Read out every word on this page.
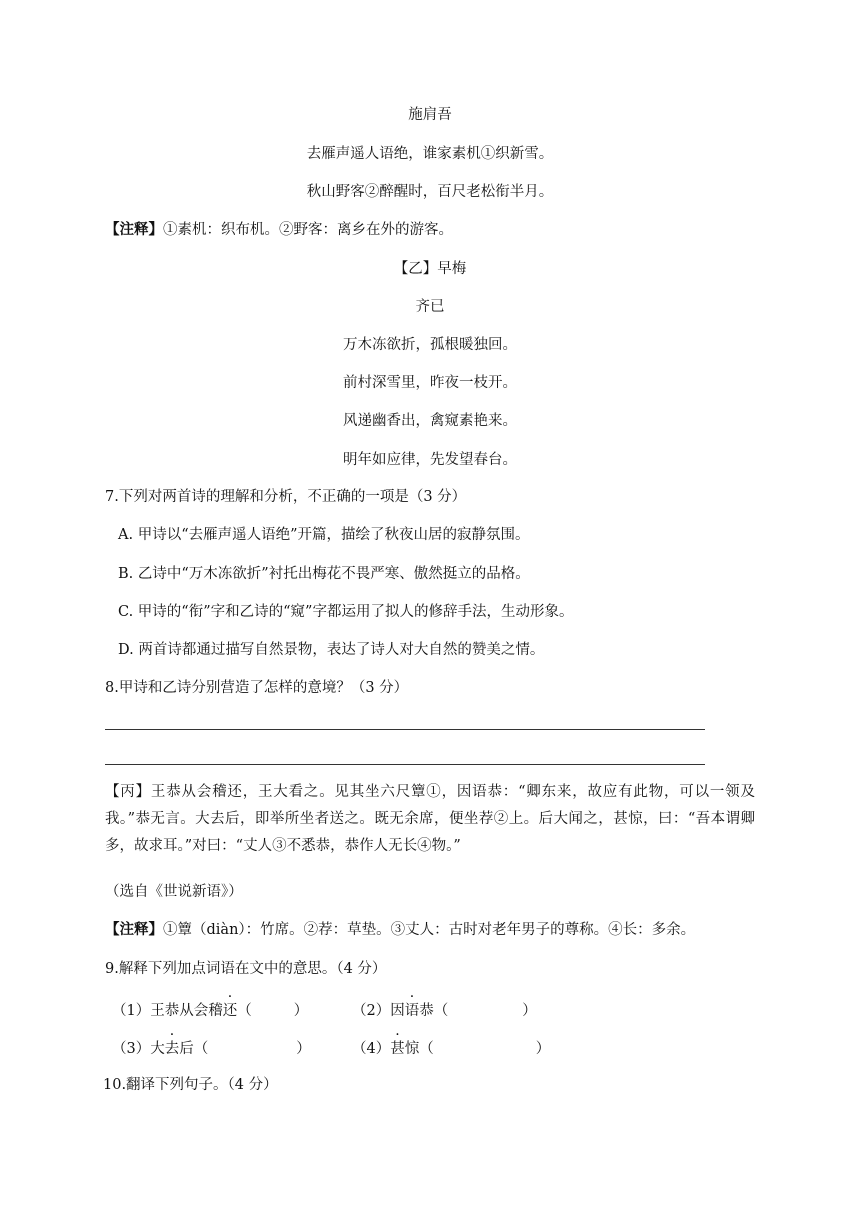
施肩吾
去雁声遥人语绝，谁家素机①织新雪。
秋山野客②醉醒时，百尺老松衔半月。
【注释】①素机：织布机。②野客：离乡在外的游客。
【乙】早梅
齐已
万木冻欲折，孤根暖独回。
前村深雪里，昨夜一枝开。
风递幽香出，禽窥素艳来。
明年如应律，先发望春台。
7.下列对两首诗的理解和分析，不正确的一项是（3 分）
A. 甲诗以“去雁声遥人语绝”开篇，描绘了秋夜山居的寂静氛围。
B. 乙诗中“万木冻欲折”衬托出梅花不畏严寒、傲然挺立的品格。
C. 甲诗的“衔”字和乙诗的“窥”字都运用了拟人的修辞手法，生动形象。
D. 两首诗都通过描写自然景物，表达了诗人对大自然的赞美之情。
8.甲诗和乙诗分别营造了怎样的意境？（3 分）
【丙】王恭从会稽还，王大看之。见其坐六尺簟①，因语恭：“卿东来，故应有此物，可以一领及我。”恭无言。大去后，即举所坐者送之。既无余席，便坐荐②上。后大闻之，甚惊，曰：“吾本谓卿多，故求耳。”对曰：“丈人③不悉恭，恭作人无长④物。”
（选自《世说新语》）
【注释】①簟（diàn）：竹席。②荐：草垫。③丈人：古时对老年男子的尊称。④长：多余。
9.解释下列加点词语在文中的意思。（4 分）
（1）王恭从会稽还（	）	（2）因语恭（	）
（3）大去后（	）	（4）甚惊（	）
10.翻译下列句子。（4 分）
